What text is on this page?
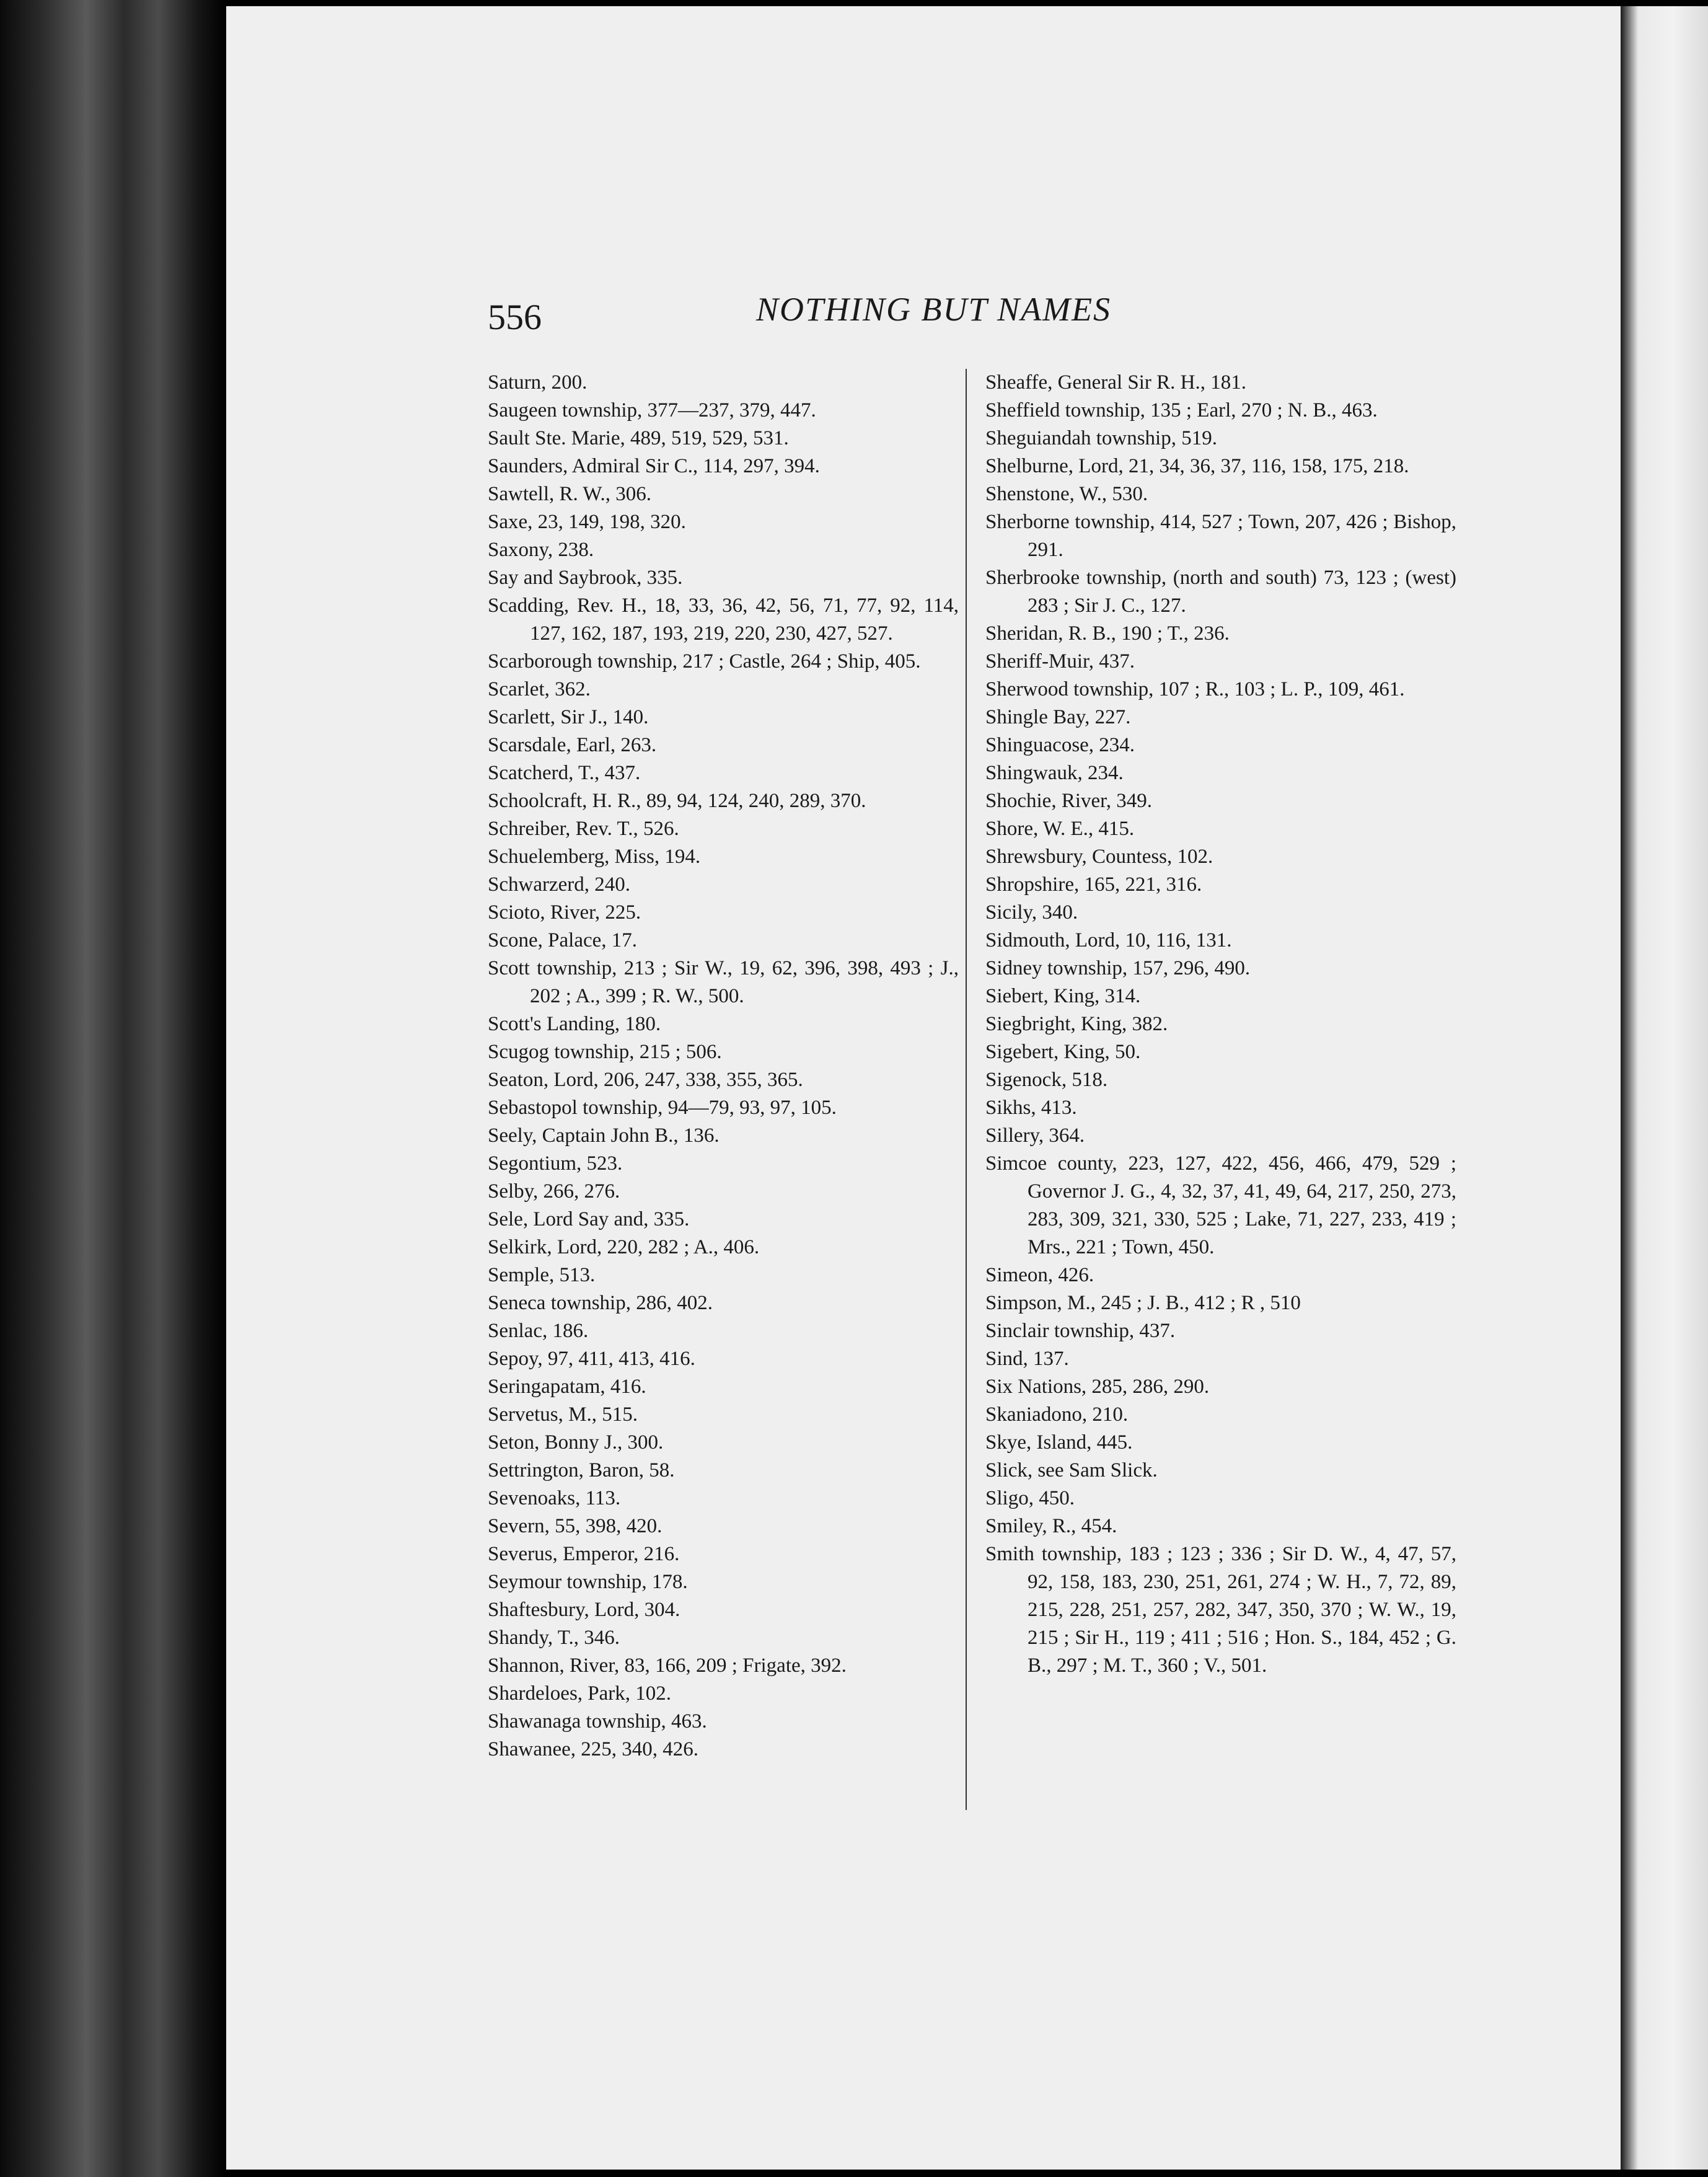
556	NOTHING BUT NAMES
Saturn, 200.
Saugeen township, 377—237, 379, 447.
Sault Ste. Marie, 489, 519, 529, 531.
Saunders, Admiral Sir C., 114, 297, 394.
Sawtell, R. W., 306.
Saxe, 23, 149, 198, 320.
Saxony, 238.
Say and Saybrook, 335.
Scadding, Rev. H., 18, 33, 36, 42, 56, 71, 77, 92, 114, 127, 162, 187, 193, 219, 220, 230, 427, 527.
Scarborough township, 217 ; Castle, 264 ; Ship, 405.
Scarlet, 362.
Scarlett, Sir J., 140.
Scarsdale, Earl, 263.
Scatcherd, T., 437.
Schoolcraft, H. R., 89, 94, 124, 240, 289, 370.
Schreiber, Rev. T., 526.
Schuelemberg, Miss, 194.
Schwarzerd, 240.
Scioto, River, 225.
Scone, Palace, 17.
Scott township, 213 ; Sir W., 19, 62, 396, 398, 493 ; J., 202 ; A., 399 ; R. W., 500.
Scott's Landing, 180.
Scugog township, 215 ; 506.
Seaton, Lord, 206, 247, 338, 355, 365.
Sebastopol township, 94—79, 93, 97, 105.
Seely, Captain John B., 136.
Segontium, 523.
Selby, 266, 276.
Sele, Lord Say and, 335.
Selkirk, Lord, 220, 282 ; A., 406.
Semple, 513.
Seneca township, 286, 402.
Senlac, 186.
Sepoy, 97, 411, 413, 416.
Seringapatam, 416.
Servetus, M., 515.
Seton, Bonny J., 300.
Settrington, Baron, 58.
Sevenoaks, 113.
Severn, 55, 398, 420.
Severus, Emperor, 216.
Seymour township, 178.
Shaftesbury, Lord, 304.
Shandy, T., 346.
Shannon, River, 83, 166, 209 ; Frigate, 392.
Shardeloes, Park, 102.
Shawanaga township, 463.
Shawanee, 225, 340, 426.
Sheaffe, General Sir R. H., 181.
Sheffield township, 135 ; Earl, 270 ; N. B., 463.
Sheguiandah township, 519.
Shelburne, Lord, 21, 34, 36, 37, 116, 158, 175, 218.
Shenstone, W., 530.
Sherborne township, 414, 527 ; Town, 207, 426 ; Bishop, 291.
Sherbrooke township, (north and south) 73, 123 ; (west) 283 ; Sir J. C., 127.
Sheridan, R. B., 190 ; T., 236.
Sheriff-Muir, 437.
Sherwood township, 107 ; R., 103 ; L. P., 109, 461.
Shingle Bay, 227.
Shinguacose, 234.
Shingwauk, 234.
Shochie, River, 349.
Shore, W. E., 415.
Shrewsbury, Countess, 102.
Shropshire, 165, 221, 316.
Sicily, 340.
Sidmouth, Lord, 10, 116, 131.
Sidney township, 157, 296, 490.
Siebert, King, 314.
Siegbright, King, 382.
Sigebert, King, 50.
Sigenock, 518.
Sikhs, 413.
Sillery, 364.
Simcoe county, 223, 127, 422, 456, 466, 479, 529 ; Governor J. G., 4, 32, 37, 41, 49, 64, 217, 250, 273, 283, 309, 321, 330, 525 ; Lake, 71, 227, 233, 419 ; Mrs., 221 ; Town, 450.
Simeon, 426.
Simpson, M., 245 ; J. B., 412 ; R , 510
Sinclair township, 437.
Sind, 137.
Six Nations, 285, 286, 290.
Skaniadono, 210.
Skye, Island, 445.
Slick, see Sam Slick.
Sligo, 450.
Smiley, R., 454.
Smith township, 183 ; 123 ; 336 ; Sir D. W., 4, 47, 57, 92, 158, 183, 230, 251, 261, 274 ; W. H., 7, 72, 89, 215, 228, 251, 257, 282, 347, 350, 370 ; W. W., 19, 215 ; Sir H., 119 ; 411 ; 516 ; Hon. S., 184, 452 ; G. B., 297 ; M. T., 360 ; V., 501.
